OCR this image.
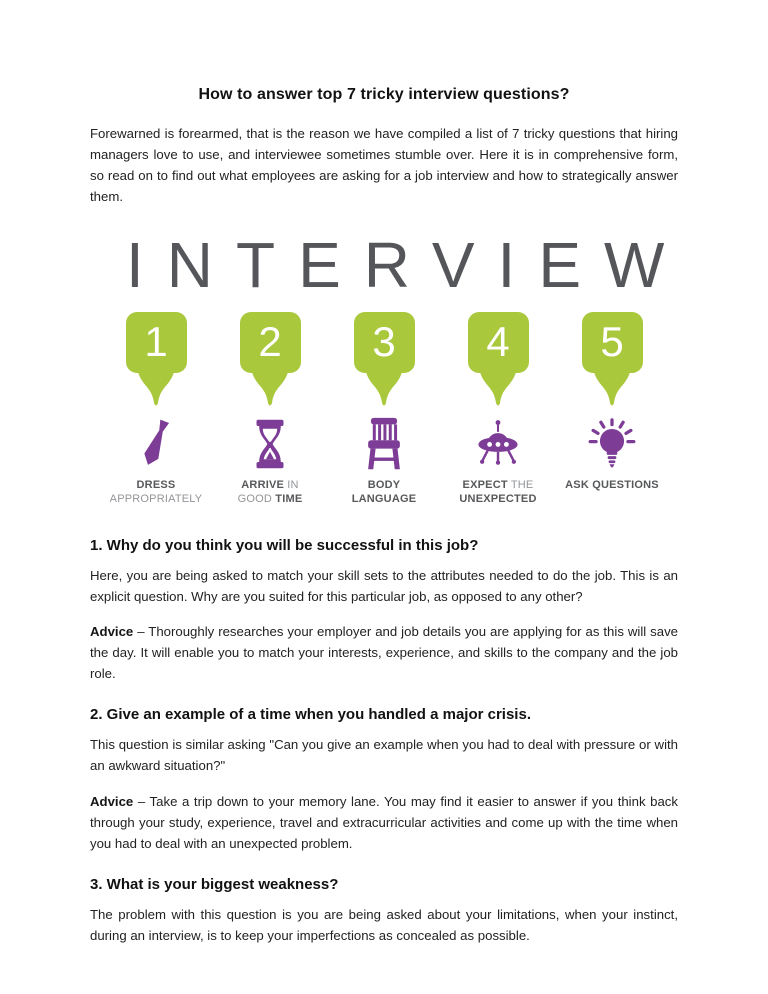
How to answer top 7 tricky interview questions?

Forewarned is forearmed, that is the reason we have compiled a list of 7 tricky questions that hiring managers love to use, and interviewee sometimes stumble over. Here it is in comprehensive form, so read on to find out what employees are asking for a job interview and how to strategically answer them.

INTERVIEW
1
DRESS
APPROPRIATELY
2
ARRIVE IN
GOOD TIME
3
BODY
LANGUAGE
4
EXPECT THE
UNEXPECTED
5
ASK QUESTIONS

1. Why do you think you will be successful in this job?

Here, you are being asked to match your skill sets to the attributes needed to do the job. This is an explicit question. Why are you suited for this particular job, as opposed to any other?

Advice – Thoroughly researches your employer and job details you are applying for as this will save the day. It will enable you to match your interests, experience, and skills to the company and the job role.

2. Give an example of a time when you handled a major crisis.

This question is similar asking "Can you give an example when you had to deal with pressure or with an awkward situation?"

Advice – Take a trip down to your memory lane. You may find it easier to answer if you think back through your study, experience, travel and extracurricular activities and come up with the time when you had to deal with an unexpected problem.

3. What is your biggest weakness?

The problem with this question is you are being asked about your limitations, when your instinct, during an interview, is to keep your imperfections as concealed as possible.
